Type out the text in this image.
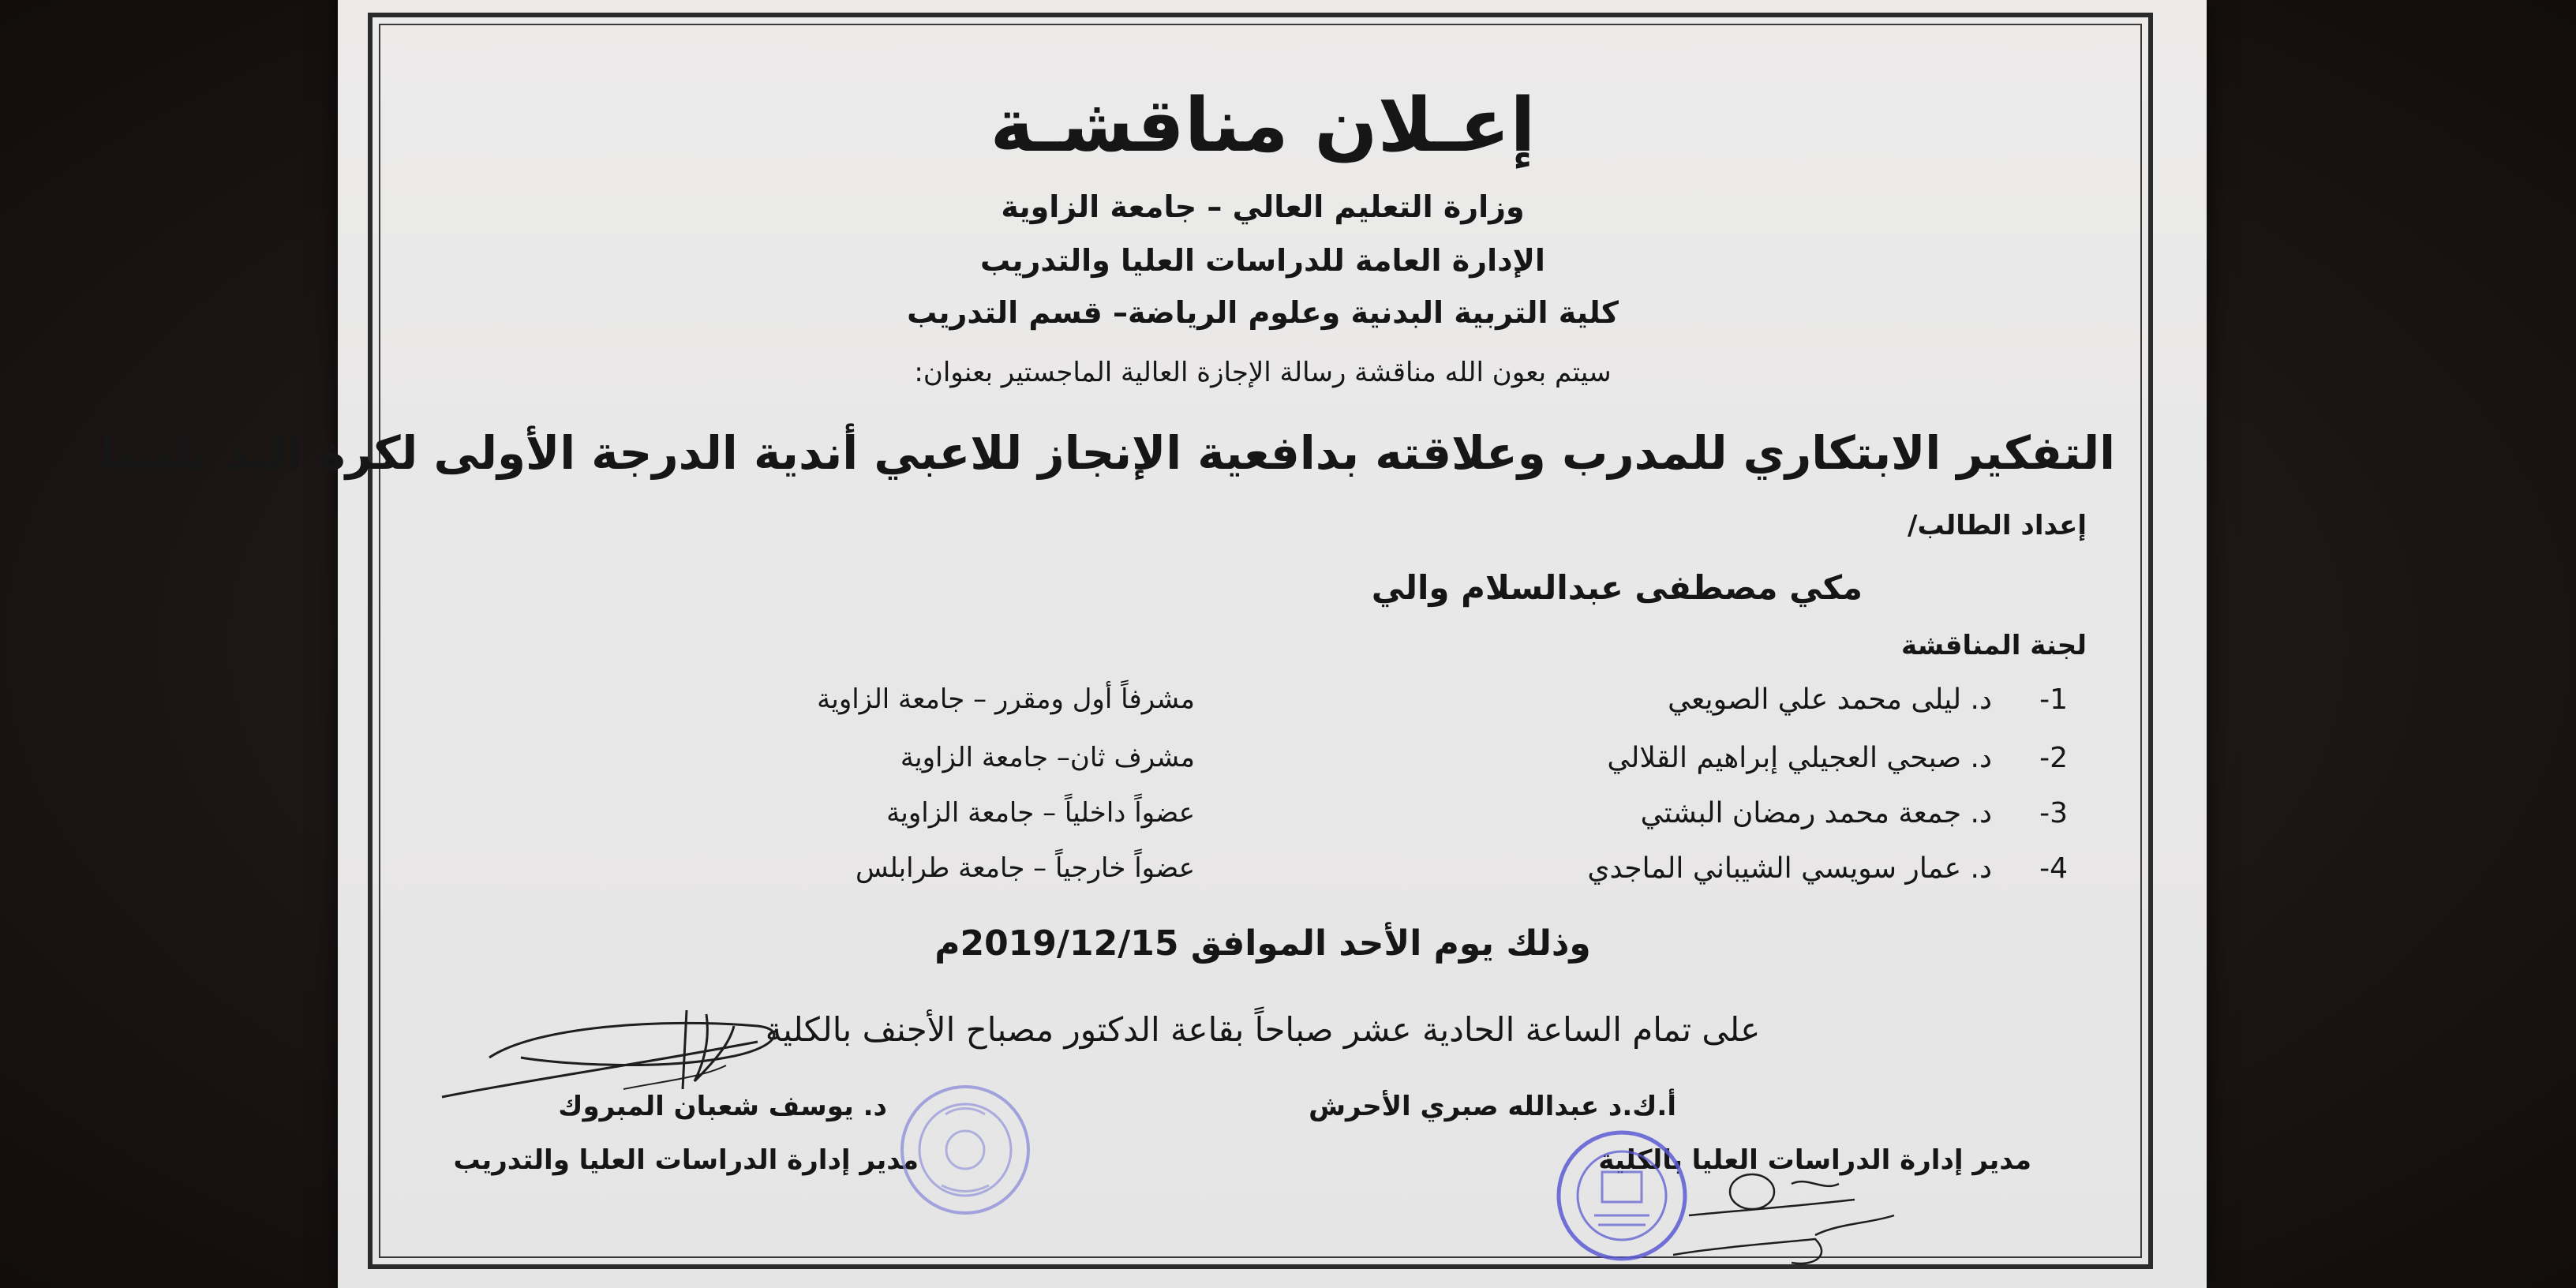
إعـلان مناقشـة
وزارة التعليم العالي – جامعة الزاوية
الإدارة العامة للدراسات العليا والتدريب
كلية التربية البدنية وعلوم الرياضة– قسم التدريب
سيتم بعون الله مناقشة رسالة الإجازة العالية الماجستير بعنوان:
التفكير الابتكاري للمدرب وعلاقته بدافعية الإنجاز للاعبي أندية الدرجة الأولى لكرة اليد بليبيا
إعداد الطالب/
مكي مصطفى عبدالسلام والي
لجنة المناقشة
-1
د. ليلى محمد علي الصويعي
مشرفاً أول ومقرر – جامعة الزاوية
-2
د. صبحي العجيلي إبراهيم القلالي
مشرف ثان– جامعة الزاوية
-3
د. جمعة محمد رمضان البشتي
عضواً داخلياً – جامعة الزاوية
-4
د. عمار سويسي الشيباني الماجدي
عضواً خارجياً – جامعة طرابلس
وذلك يوم الأحد الموافق 2019/12/15م
على تمام الساعة الحادية عشر صباحاً بقاعة الدكتور مصباح الأجنف بالكلية
أ.ك.د عبدالله صبري الأحرش
مدير إدارة الدراسات العليا بالكلية
د. يوسف شعبان المبروك
مدير إدارة الدراسات العليا والتدريب
